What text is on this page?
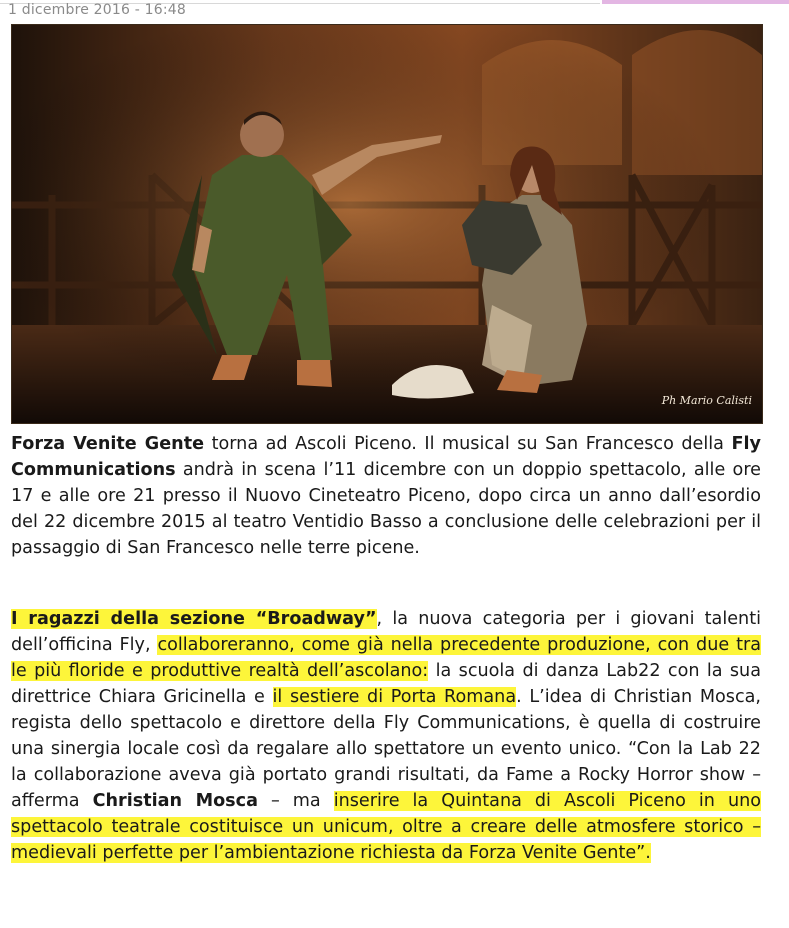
1 dicembre 2016 - 16:48
Ph Mario Calisti

Forza Venite Gente torna ad Ascoli Piceno. Il musical su San Francesco della Fly Communications andrà in scena l’11 dicembre con un doppio spettacolo, alle ore 17 e alle ore 21 presso il Nuovo Cineteatro Piceno, dopo circa un anno dall’esordio del 22 dicembre 2015 al teatro Ventidio Basso a conclusione delle celebrazioni per il passaggio di San Francesco nelle terre picene.

I ragazzi della sezione “Broadway”, la nuova categoria per i giovani talenti dell’officina Fly, collaboreranno, come già nella precedente produzione, con due tra le più floride e produttive realtà dell’ascolano: la scuola di danza Lab22 con la sua direttrice Chiara Gricinella e il sestiere di Porta Romana. L’idea di Christian Mosca, regista dello spettacolo e direttore della Fly Communications, è quella di costruire una sinergia locale così da regalare allo spettatore un evento unico. “Con la Lab 22 la collaborazione aveva già portato grandi risultati, da Fame a Rocky Horror show – afferma Christian Mosca – ma inserire la Quintana di Ascoli Piceno in uno spettacolo teatrale costituisce un unicum, oltre a creare delle atmosfere storico – medievali perfette per l’ambientazione richiesta da Forza Venite Gente”.
